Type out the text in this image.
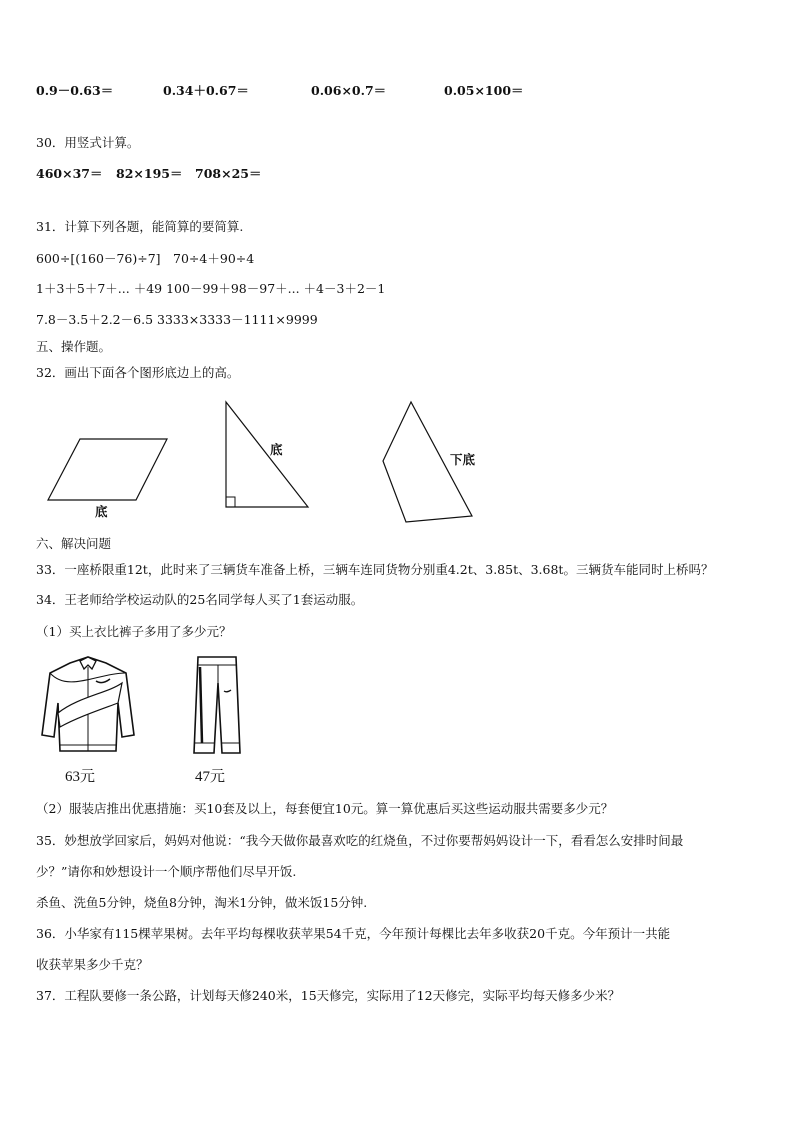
0.9－0.63＝	0.34＋0.67＝	0.06×0.7＝	0.05×100＝
30．用竖式计算。
460×37＝ 82×195＝ 708×25＝
31．计算下列各题，能简算的要简算.
600÷[(160－76)÷7]　70÷4＋90÷4
1＋3＋5＋7＋... ＋49 100－99＋98－97＋... ＋4－3＋2－1
7.8－3.5＋2.2－6.5 3333×3333－1111×9999
五、操作题。
32．画出下面各个图形底边上的高。
底
底
下底
六、解决问题
33．一座桥限重12t，此时来了三辆货车准备上桥，三辆车连同货物分别重4.2t、3.85t、3.68t。三辆货车能同时上桥吗？
34．王老师给学校运动队的25名同学每人买了1套运动服。
（1）买上衣比裤子多用了多少元？
63元	47元
（2）服装店推出优惠措施：买10套及以上，每套便宜10元。算一算优惠后买这些运动服共需要多少元？
35．妙想放学回家后，妈妈对他说：“我今天做你最喜欢吃的红烧鱼，不过你要帮妈妈设计一下，看看怎么安排时间最
少？”请你和妙想设计一个顺序帮他们尽早开饭.
杀鱼、洗鱼5分钟，烧鱼8分钟，淘米1分钟，做米饭15分钟.
36．小华家有115棵苹果树。去年平均每棵收获苹果54千克，今年预计每棵比去年多收获20千克。今年预计一共能
收获苹果多少千克？
37．工程队要修一条公路，计划每天修240米，15天修完，实际用了12天修完，实际平均每天修多少米？
